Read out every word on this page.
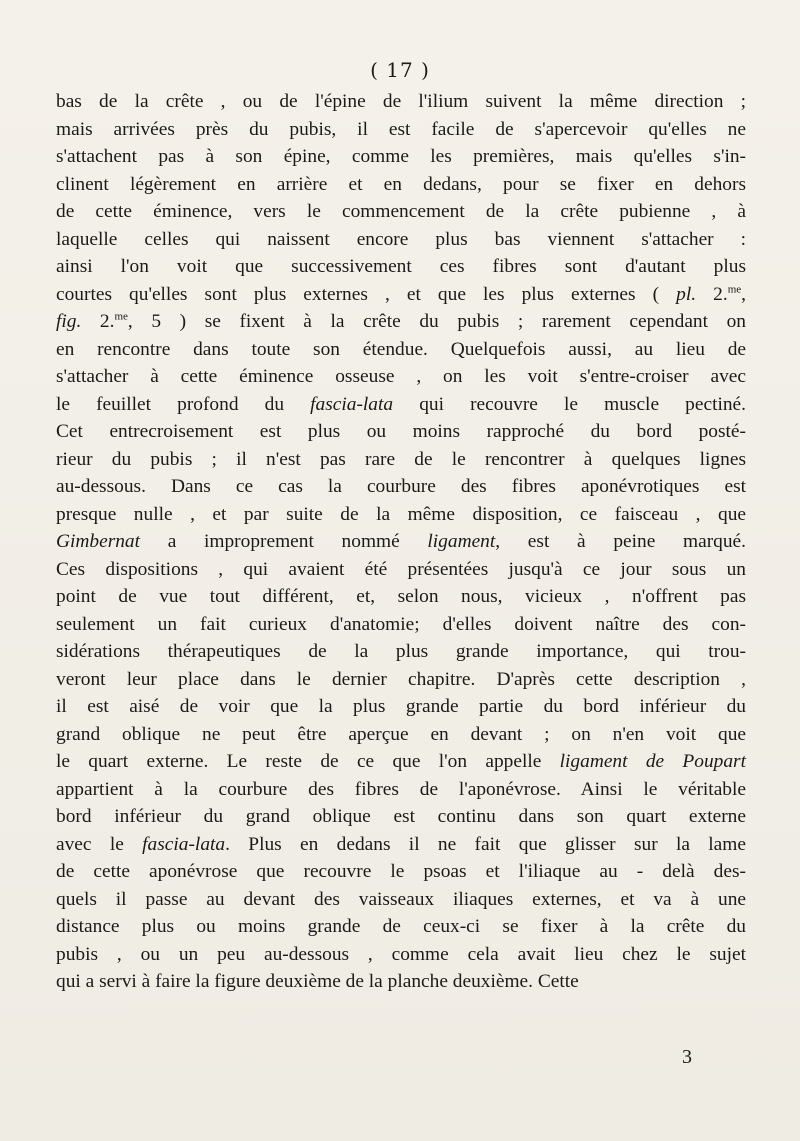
( 17 )
bas de la crête , ou de l'épine de l'ilium suivent la même direction ;
mais arrivées près du pubis, il est facile de s'apercevoir qu'elles ne
s'attachent pas à son épine, comme les premières, mais qu'elles s'in-
clinent légèrement en arrière et en dedans, pour se fixer en dehors
de cette éminence, vers le commencement de la crête pubienne , à
laquelle celles qui naissent encore plus bas viennent s'attacher :
ainsi l'on voit que successivement ces fibres sont d'autant plus
courtes qu'elles sont plus externes , et que les plus externes ( pl. 2.$^{me}$,
fig. 2.$^{me}$, 5 ) se fixent à la crête du pubis ; rarement cependant on
en rencontre dans toute son étendue. Quelquefois aussi, au lieu de
s'attacher à cette éminence osseuse , on les voit s'entre-croiser avec
le feuillet profond du fascia-lata qui recouvre le muscle pectiné.
Cet entrecroisement est plus ou moins rapproché du bord posté-
rieur du pubis ; il n'est pas rare de le rencontrer à quelques lignes
au-dessous. Dans ce cas la courbure des fibres aponévrotiques est
presque nulle , et par suite de la même disposition, ce faisceau , que
Gimbernat a improprement nommé ligament, est à peine marqué.
Ces dispositions , qui avaient été présentées jusqu'à ce jour sous un
point de vue tout différent, et, selon nous, vicieux , n'offrent pas
seulement un fait curieux d'anatomie; d'elles doivent naître des con-
sidérations thérapeutiques de la plus grande importance, qui trou-
veront leur place dans le dernier chapitre. D'après cette description ,
il est aisé de voir que la plus grande partie du bord inférieur du
grand oblique ne peut être aperçue en devant ; on n'en voit que
le quart externe. Le reste de ce que l'on appelle ligament de Poupart
appartient à la courbure des fibres de l'aponévrose. Ainsi le véritable
bord inférieur du grand oblique est continu dans son quart externe
avec le fascia-lata. Plus en dedans il ne fait que glisser sur la lame
de cette aponévrose que recouvre le psoas et l'iliaque au - delà des-
quels il passe au devant des vaisseaux iliaques externes, et va à une
distance plus ou moins grande de ceux-ci se fixer à la crête du
pubis , ou un peu au-dessous , comme cela avait lieu chez le sujet
qui a servi à faire la figure deuxième de la planche deuxième. Cette
3
